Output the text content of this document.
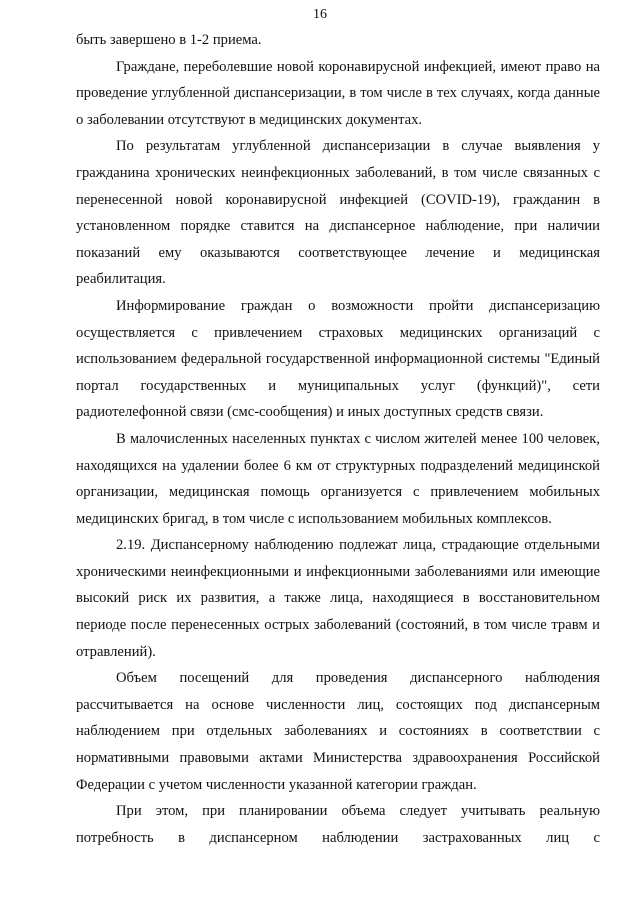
16

быть завершено в 1-2 приема.

Граждане, переболевшие новой коронавирусной инфекцией, имеют право на проведение углубленной диспансеризации, в том числе в тех случаях, когда данные о заболевании отсутствуют в медицинских документах.

По результатам углубленной диспансеризации в случае выявления у гражданина хронических неинфекционных заболеваний, в том числе связанных с перенесенной новой коронавирусной инфекцией (COVID-19), гражданин в установленном порядке ставится на диспансерное наблюдение, при наличии показаний ему оказываются соответствующее лечение и медицинская реабилитация.

Информирование граждан о возможности пройти диспансеризацию осуществляется с привлечением страховых медицинских организаций с использованием федеральной государственной информационной системы "Единый портал государственных и муниципальных услуг (функций)", сети радиотелефонной связи (смс-сообщения) и иных доступных средств связи.

В малочисленных населенных пунктах с числом жителей менее 100 человек, находящихся на удалении более 6 км от структурных подразделений медицинской организации, медицинская помощь организуется с привлечением мобильных медицинских бригад, в том числе с использованием мобильных комплексов.

2.19. Диспансерному наблюдению подлежат лица, страдающие отдельными хроническими неинфекционными и инфекционными заболеваниями или имеющие высокий риск их развития, а также лица, находящиеся в восстановительном периоде после перенесенных острых заболеваний (состояний, в том числе травм и отравлений).

Объем посещений для проведения диспансерного наблюдения рассчитывается на основе численности лиц, состоящих под диспансерным наблюдением при отдельных заболеваниях и состояниях в соответствии с нормативными правовыми актами Министерства здравоохранения Российской Федерации с учетом численности указанной категории граждан.

При этом, при планировании объема следует учитывать реальную потребность в диспансерном наблюдении застрахованных лиц с
